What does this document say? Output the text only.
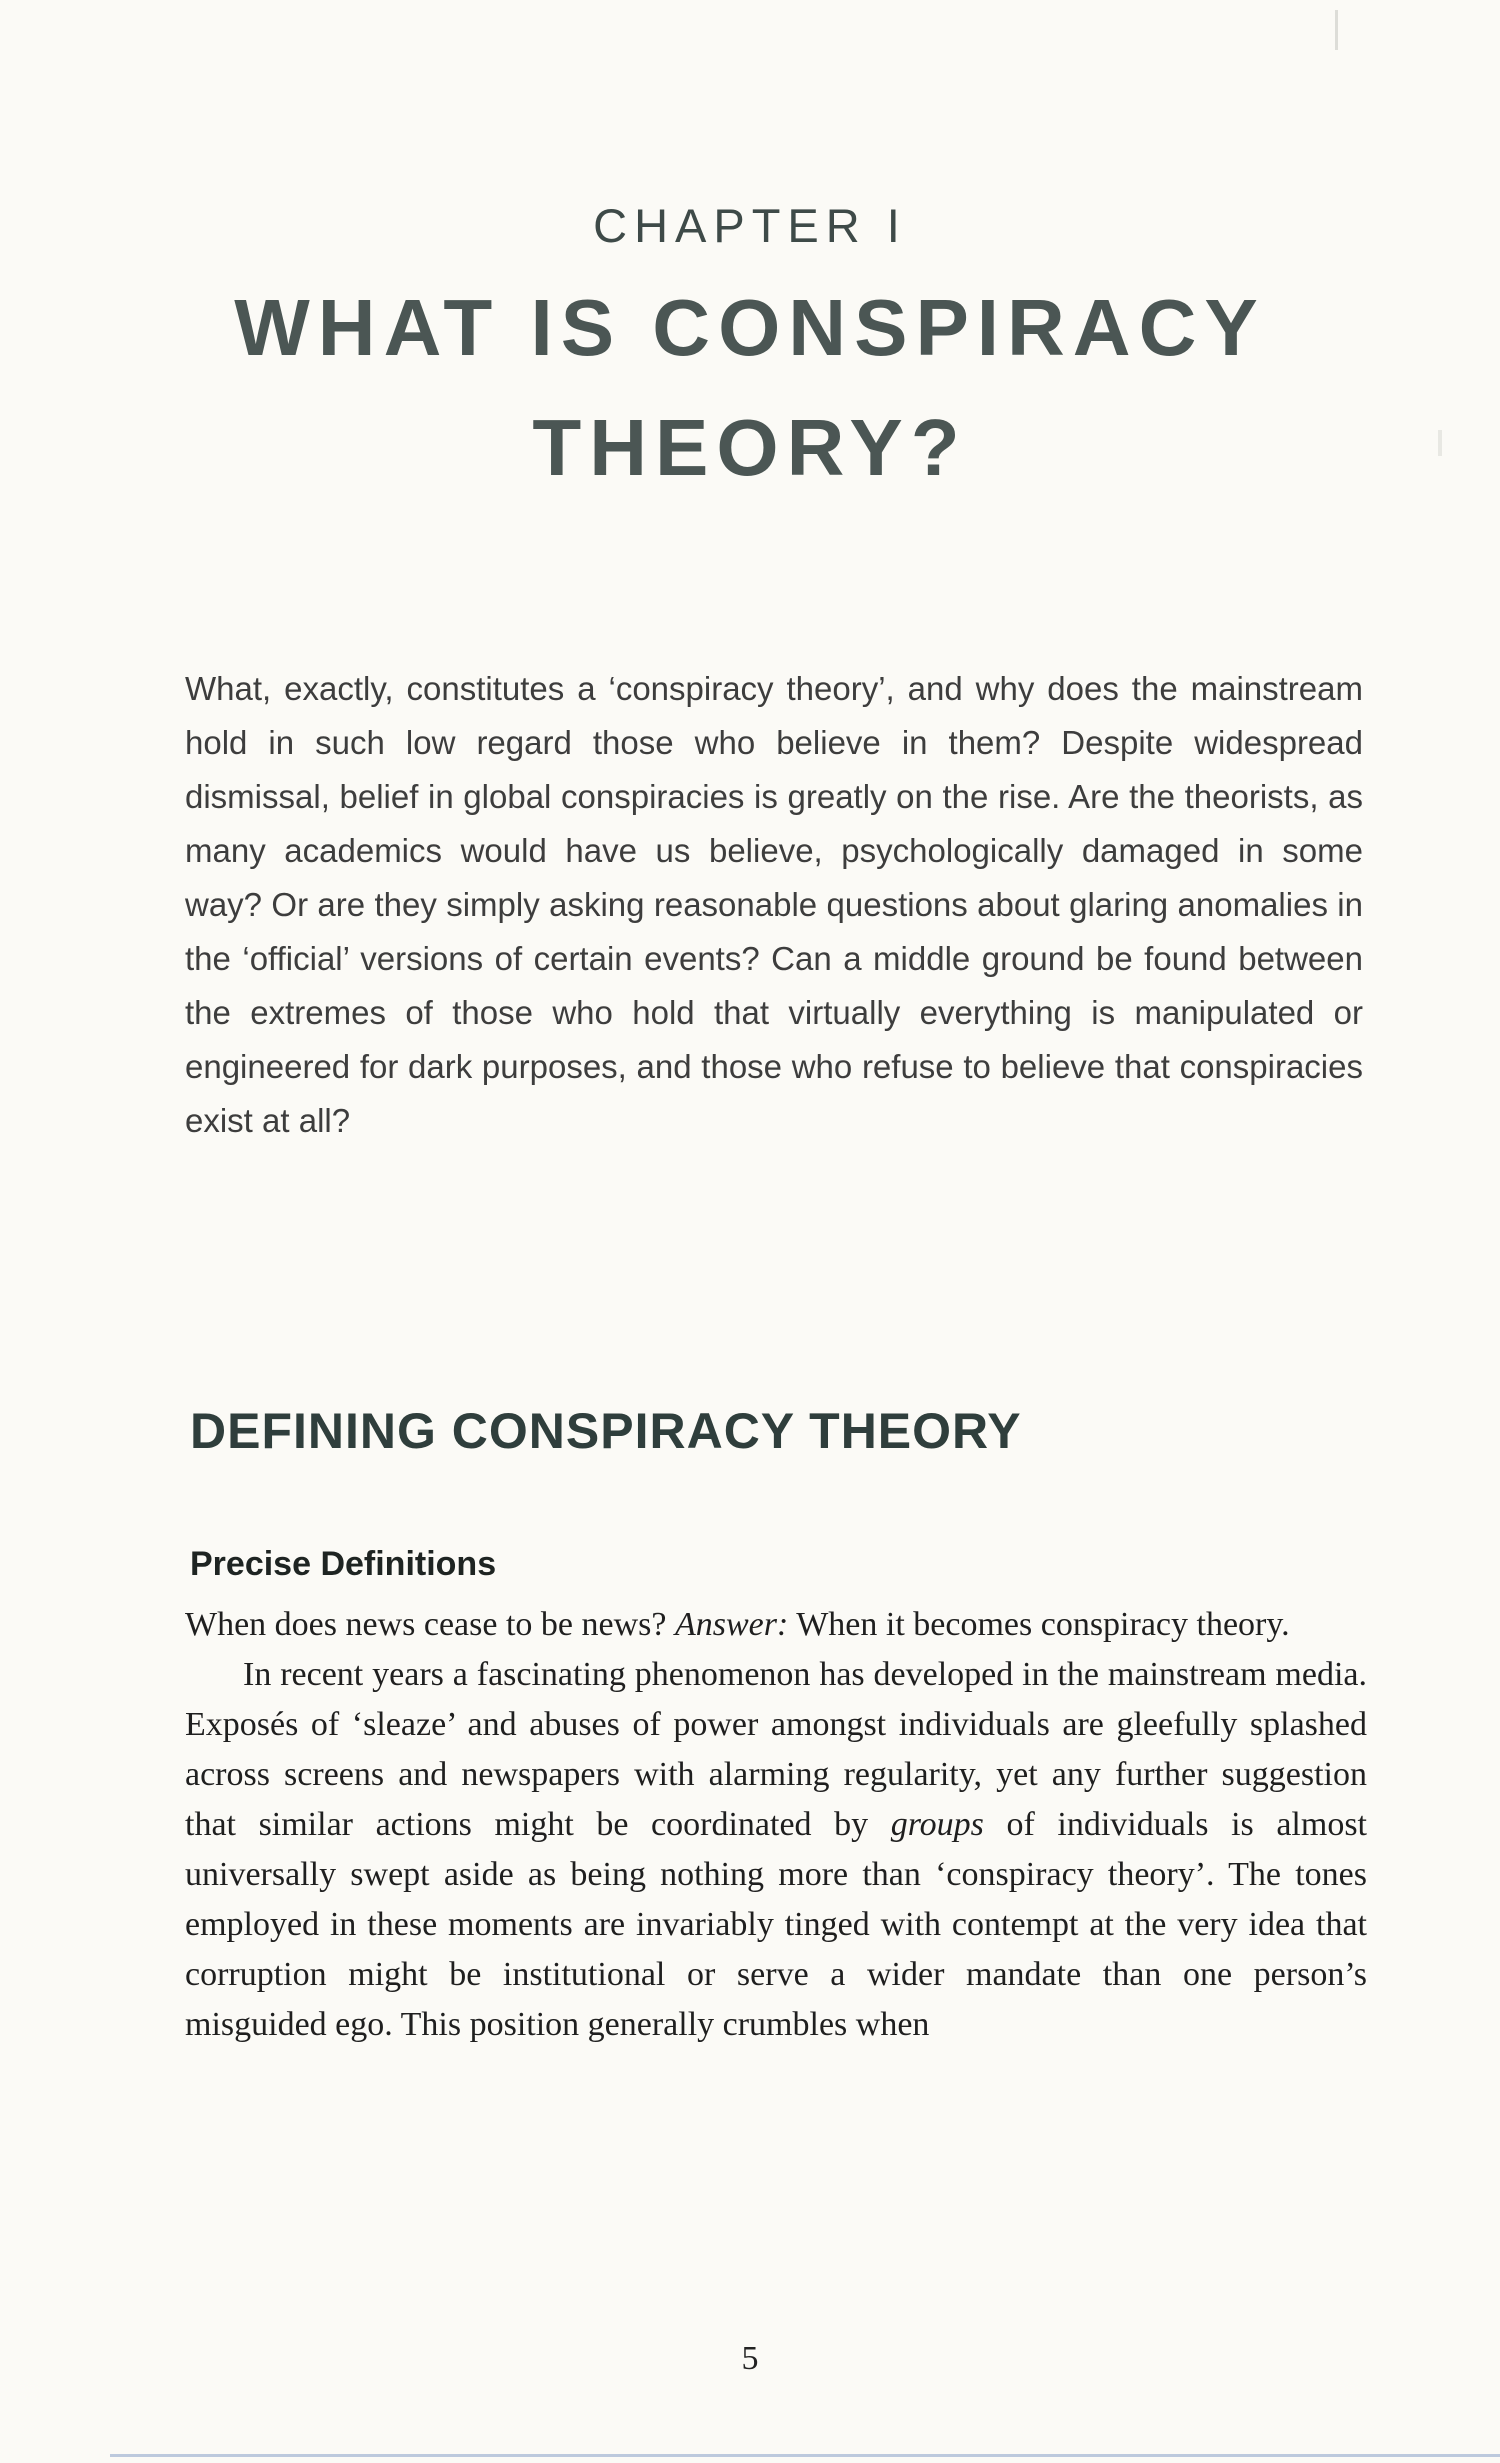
CHAPTER I
WHAT IS CONSPIRACY
THEORY?
What, exactly, constitutes a ‘conspiracy theory’, and why does the mainstream hold in such low regard those who believe in them? Despite widespread dismissal, belief in global conspiracies is greatly on the rise. Are the theorists, as many academics would have us believe, psychologically damaged in some way? Or are they simply asking reasonable questions about glaring anomalies in the ‘official’ versions of certain events? Can a middle ground be found between the extremes of those who hold that virtually everything is manipulated or engineered for dark purposes, and those who refuse to believe that conspiracies exist at all?
DEFINING CONSPIRACY THEORY
Precise Definitions

When does news cease to be news? Answer: When it becomes conspiracy theory.

In recent years a fascinating phenomenon has developed in the mainstream media. Exposés of ‘sleaze’ and abuses of power amongst individuals are gleefully splashed across screens and newspapers with alarming regularity, yet any further suggestion that similar actions might be coordinated by groups of individuals is almost universally swept aside as being nothing more than ‘conspiracy theory’. The tones employed in these moments are invariably tinged with contempt at the very idea that corruption might be institutional or serve a wider mandate than one person’s misguided ego. This position generally crumbles when

5
